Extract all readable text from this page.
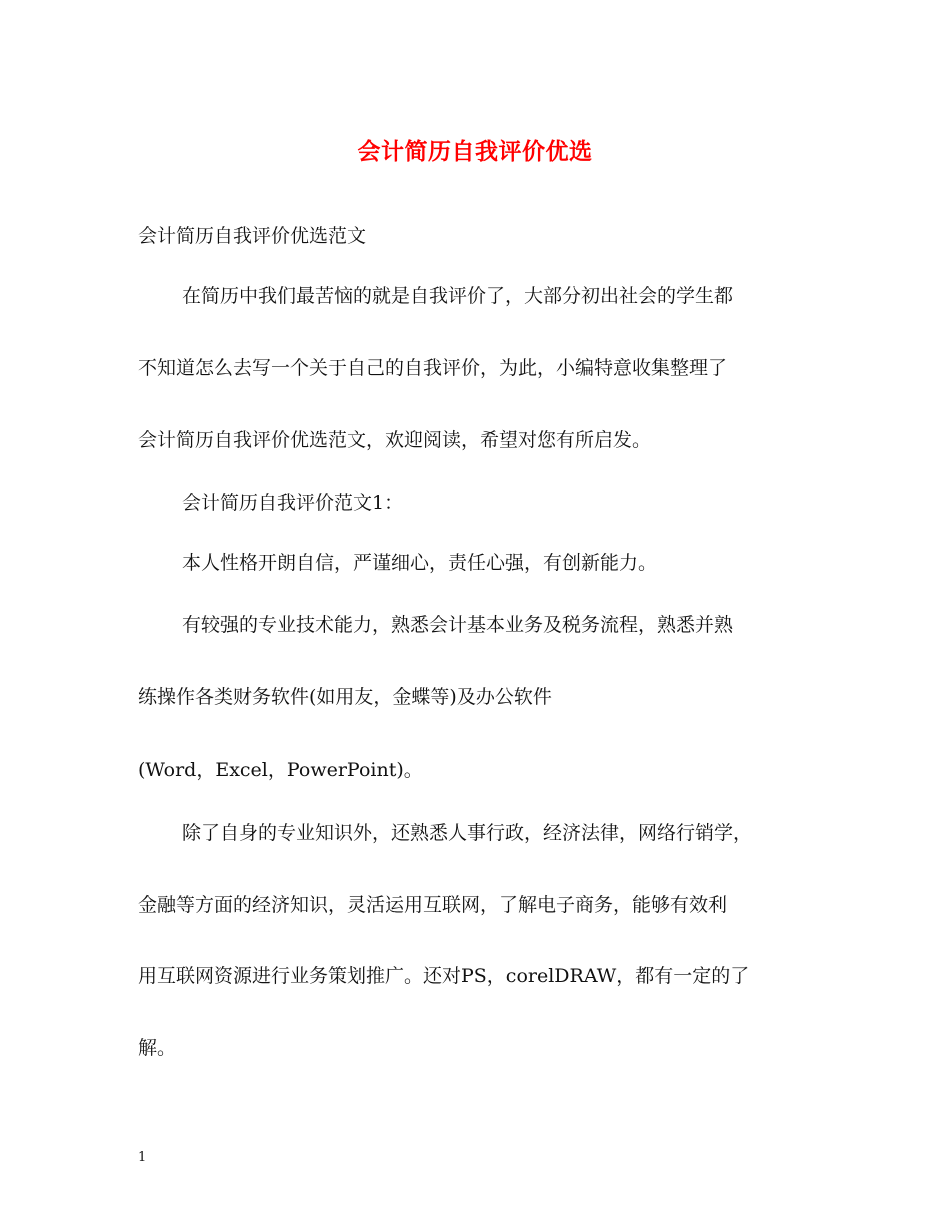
会计简历自我评价优选
会计简历自我评价优选范文
在简历中我们最苦恼的就是自我评价了，大部分初出社会的学生都
不知道怎么去写一个关于自己的自我评价，为此，小编特意收集整理了
会计简历自我评价优选范文，欢迎阅读，希望对您有所启发。
会计简历自我评价范文1：
本人性格开朗自信，严谨细心，责任心强，有创新能力。
有较强的专业技术能力，熟悉会计基本业务及税务流程，熟悉并熟
练操作各类财务软件(如用友，金蝶等)及办公软件
(Word，Excel，PowerPoint)。
除了自身的专业知识外，还熟悉人事行政，经济法律，网络行销学，
金融等方面的经济知识，灵活运用互联网，了解电子商务，能够有效利
用互联网资源进行业务策划推广。还对PS，corelDRAW，都有一定的了
解。
1
